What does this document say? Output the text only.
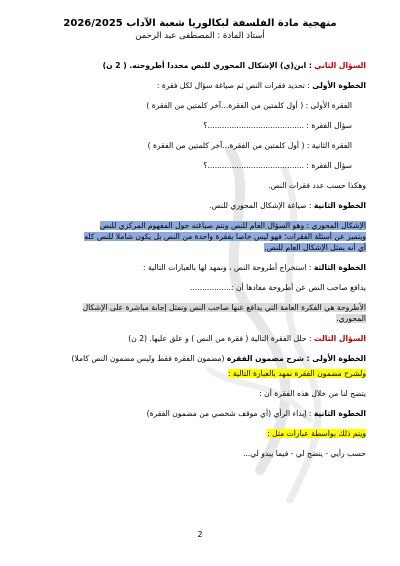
منهجية مادة الفلسفة لبكالوريا شعبة الآداب 2026/2025
أستاذ المادة : المصطفى عبد الرحمن
السؤال الثاني : ابن(ي) الإشكال المحوري للنص محددا أطروحته. ( 2 ن)
الخطوة الأولى : تحديد فقرات النص ثم صياغة سؤال لكل فقرة :
الفقرة الأولى : ( أول كلمتين من الفقرة...آخر كلمتين من الفقرة )
سؤال الفقرة : ........................................؟
الفقرة الثانية : ( أول كلمتين من الفقرة...آخر كلمتين من الفقرة )
سؤال الفقرة : ........................................؟
وهكذا حسب عدد فقرات النص.
الخطوة الثانية : صياغة الإشكال المحوري للنص.
الإشكال المحوري : وهو السؤال العام للنص ونتم صياغته حول المفهوم المركزي للنص
ويتميز عن أسئلة الفقرات؛ فهو ليس خاصا بفقرة واحدة من النص بل يكون شاملا للنص كله
أي أنه يمثل الإشكال العام للنص.
الخطوة الثالثة : استخراج أطروحة النص ، ونمهد لها بالعبارات التالية :
يدافع صاحب النص عن أطروحة مفادها أن :.................
الأطروحة هي الفكرة العامة التي يدافع عنها صاحب النص وتمثل إجابة مباشرة على الإشكال
المحوري.
السؤال الثالث : حلل الفقرة التالية ( فقرة من النص ) و علق عليها. (2 ن)
الخطوة الأولى : شرح مضمون الفقرة (مضمون الفقرة فقط وليس مضمون النص كاملا)
ولشرح مضمون الفقرة نمهد بالعبارة التالية :
يتضح لنا من خلال هذه الفقرة أن :
الخطوة الثانية : إبداء الرأي (أي موقف شخصي من مضمون الفقرة)
ويتم ذلك بواسطة عبارات مثل :
حسب رأيي - يتضح لي - فيما يبدو لي...
2
